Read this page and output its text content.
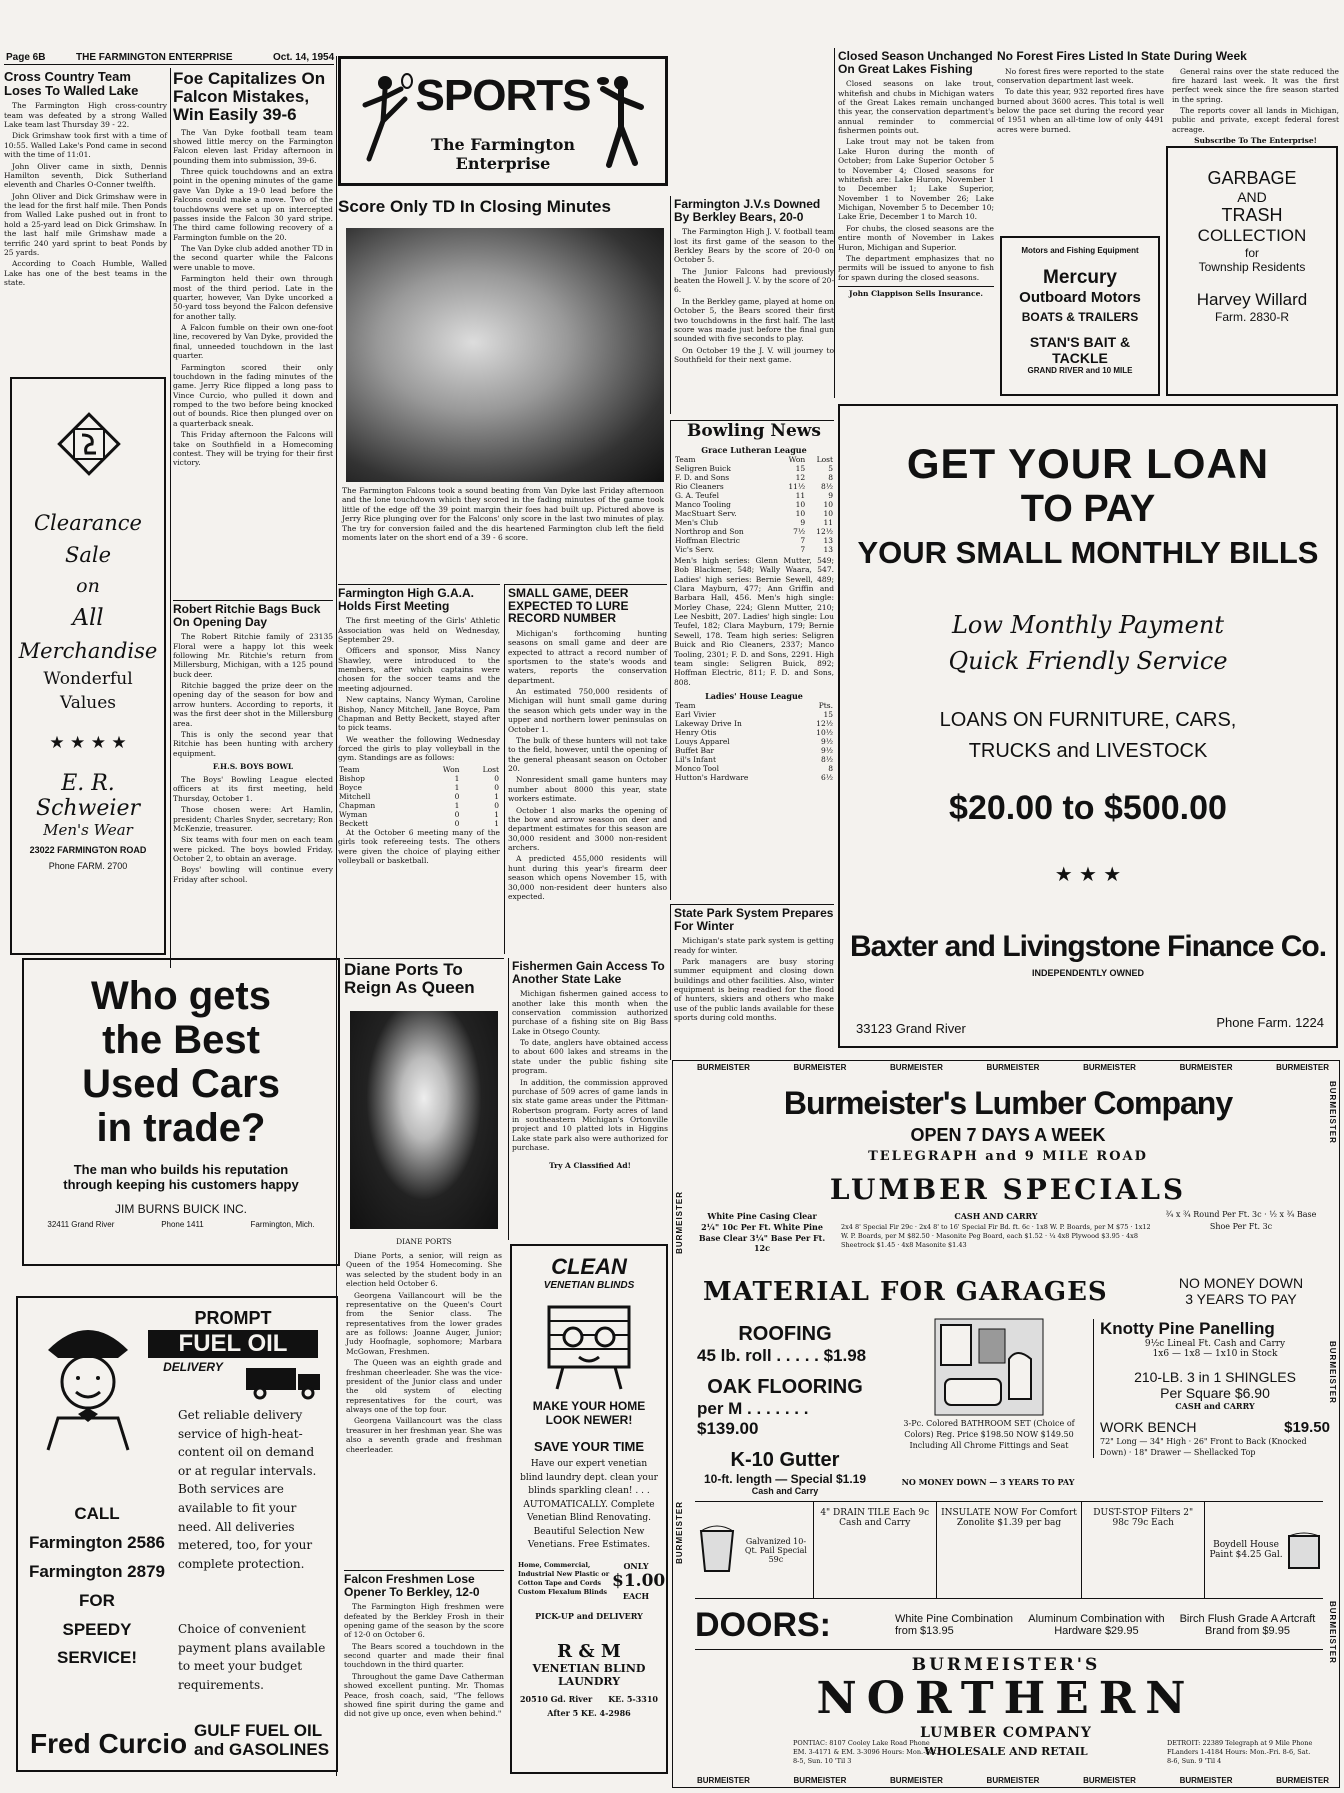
Page 6B	THE FARMINGTON ENTERPRISE	Oct. 14, 1954
SPORTS
The Farmington Enterprise
Cross Country Team Loses To Walled Lake

The Farmington High cross-country team was defeated by a strong Walled Lake team last Thursday 39 - 22.

Dick Grimshaw took first with a time of 10:55. Walled Lake's Pond came in second with the time of 11:01.

John Oliver came in sixth, Dennis Hamilton seventh, Dick Sutherland eleventh and Charles O-Conner twelfth.

John Oliver and Dick Grimshaw were in the lead for the first half mile. Then Ponds from Walled Lake pushed out in front to hold a 25-yard lead on Dick Grimshaw. In the last half mile Grimshaw made a terrific 240 yard sprint to beat Ponds by 25 yards.

According to Coach Humble, Walled Lake has one of the best teams in the state.

Foe Capitalizes On Falcon Mistakes, Win Easily 39-6

The Van Dyke football team team showed little mercy on the Farmington Falcon eleven last Friday afternoon in pounding them into submission, 39-6.

Three quick touchdowns and an extra point in the opening minutes of the game gave Van Dyke a 19-0 lead before the Falcons could make a move. Two of the touchdowns were set up on intercepted passes inside the Falcon 30 yard stripe. The third came following recovery of a Farmington fumble on the 20.

The Van Dyke club added another TD in the second quarter while the Falcons were unable to move.

Farmington held their own through most of the third period. Late in the quarter, however, Van Dyke uncorked a 50-yard toss beyond the Falcon defensive for another tally.

A Falcon fumble on their own one-foot line, recovered by Van Dyke, provided the final, unneeded touchdown in the last quarter.

Farmington scored their only touchdown in the fading minutes of the game. Jerry Rice flipped a long pass to Vince Curcio, who pulled it down and romped to the two before being knocked out of bounds. Rice then plunged over on a quarterback sneak.

This Friday afternoon the Falcons will take on Southfield in a Homecoming contest. They will be trying for their first victory.

Clearance
Sale
on
All
Merchandise
Wonderful
Values
★ ★ ★ ★
E. R. Schweier
Men's Wear
23022 FARMINGTON ROAD
Phone FARM. 2700
Robert Ritchie Bags Buck On Opening Day

The Robert Ritchie family of 23135 Floral were a happy lot this week following Mr. Ritchie's return from Millersburg, Michigan, with a 125 pound buck deer.

Ritchie bagged the prize deer on the opening day of the season for bow and arrow hunters. According to reports, it was the first deer shot in the Millersburg area.

This is only the second year that Ritchie has been hunting with archery equipment.

F.H.S. BOYS BOWL

The Boys' Bowling League elected officers at its first meeting, held Thursday, October 1.

Those chosen were: Art Hamlin, president; Charles Snyder, secretary; Ron McKenzie, treasurer.

Six teams with four men on each team were picked. The boys bowled Friday, October 2, to obtain an average.

Boys' bowling will continue every Friday after school.

Score Only TD In Closing Minutes
The Farmington Falcons took a sound beating from Van Dyke last Friday afternoon and the lone touchdown which they scored in the fading minutes of the game took little of the edge off the 39 point margin their foes had built up. Pictured above is Jerry Rice plunging over for the Falcons' only score in the last two minutes of play. The try for conversion failed and the dis heartened Farmington club left the field moments later on the short end of a 39 - 6 score.
Farmington High G.A.A. Holds First Meeting

The first meeting of the Girls' Athletic Association was held on Wednesday, September 29.

Officers and sponsor, Miss Nancy Shawley, were introduced to the members, after which captains were chosen for the soccer teams and the meeting adjourned.

New captains, Nancy Wyman, Caroline Bishop, Nancy Mitchell, Jane Boyce, Pam Chapman and Betty Beckett, stayed after to pick teams.

We weather the following Wednesday forced the girls to play volleyball in the gym. Standings are as follows:

Team	Won	Lost
Bishop	1	0
Boyce	1	0
Mitchell	0	1
Chapman	1	0
Wyman	0	1
Beckett	0	1

At the October 6 meeting many of the girls took refereeing tests. The others were given the choice of playing either volleyball or basketball.

SMALL GAME, DEER EXPECTED TO LURE RECORD NUMBER

Michigan's forthcoming hunting seasons on small game and deer are expected to attract a record number of sportsmen to the state's woods and waters, reports the conservation department.

An estimated 750,000 residents of Michigan will hunt small game during the season which gets under way in the upper and northern lower peninsulas on October 1.

The bulk of these hunters will not take to the field, however, until the opening of the general pheasant season on October 20.

Nonresident small game hunters may number about 8000 this year, state workers estimate.

October 1 also marks the opening of the bow and arrow season on deer and department estimates for this season are 30,000 resident and 3000 non-resident archers.

A predicted 455,000 residents will hunt during this year's firearm deer season which opens November 15, with 30,000 non-resident deer hunters also expected.

Farmington J.V.s Downed By Berkley Bears, 20-0

The Farmington High J. V. football team lost its first game of the season to the Berkley Bears by the score of 20-0 on October 5.

The Junior Falcons had previously beaten the Howell J. V. by the score of 20-6.

In the Berkley game, played at home on October 5, the Bears scored their first two touchdowns in the first half. The last score was made just before the final gun sounded with five seconds to play.

On October 19 the J. V. will journey to Southfield for their next game.

Bowling News
Grace Lutheran League
Team	Won	Lost
Seligren Buick	15	5
F. D. and Sons	12	8
Rio Cleaners	11½	8½
G. A. Teufel	11	9
Manco Tooling	10	10
MacStuart Serv.	10	10
Men's Club	9	11
Northrop and Son	7½	12½
Hoffman Electric	7	13
Vic's Serv.	7	13
Men's high series: Glenn Mutter, 549; Bob Blackmer, 548; Wally Waara, 547. Ladies' high series: Bernie Sewell, 489; Clara Mayburn, 477; Ann Griffin and Barbara Hall, 456. Men's high single: Morley Chase, 224; Glenn Mutter, 210; Lee Nesbitt, 207. Ladies' high single: Lou Teufel, 182; Clara Mayburn, 179; Bernie Sewell, 178. Team high series: Seligren Buick and Rio Cleaners, 2337; Manco Tooling, 2301; F. D. and Sons, 2291. High team single: Seligren Buick, 892; Hoffman Electric, 811; F. D. and Sons, 808.
Ladies' House League
Team	Pts.
Earl Vivier	15
Lakeway Drive In	12½
Henry Otis	10½
Louys Apparel	9½
Buffet Bar	9½
Lil's Infant	8½
Monco Tool	8
Hutton's Hardware	6½
State Park System Prepares For Winter

Michigan's state park system is getting ready for winter.

Park managers are busy storing summer equipment and closing down buildings and other facilities. Also, winter equipment is being readied for the flood of hunters, skiers and others who make use of the public lands available for these sports during cold months.

Closed Season Unchanged On Great Lakes Fishing

Closed seasons on lake trout, whitefish and chubs in Michigan waters of the Great Lakes remain unchanged this year, the conservation department's annual reminder to commercial fishermen points out.

Lake trout may not be taken from Lake Huron during the month of October; from Lake Superior October 5 to November 4; Closed seasons for whitefish are: Lake Huron, November 1 to December 1; Lake Superior, November 1 to November 26; Lake Michigan, November 5 to December 10; Lake Erie, December 1 to March 10.

For chubs, the closed seasons are the entire month of November in Lakes Huron, Michigan and Superior.

The department emphasizes that no permits will be issued to anyone to fish for spawn during the closed seasons.

John Clappison Sells Insurance.
No Forest Fires Listed In State During Week

No forest fires were reported to the state conservation department last week.

To date this year, 932 reported fires have burned about 3600 acres. This total is well below the pace set during the record year of 1951 when an all-time low of only 4491 acres were burned.

General rains over the state reduced the fire hazard last week. It was the first perfect week since the fire season started in the spring.

The reports cover all lands in Michigan, public and private, except federal forest acreage.

Subscribe To The Enterprise!
Motors and Fishing Equipment
Mercury
Outboard Motors
BOATS & TRAILERS
STAN'S BAIT & TACKLE
GRAND RIVER and 10 MILE
GARBAGE
AND
TRASH
COLLECTION
for
Township Residents
Harvey Willard
Farm. 2830-R
GET YOUR LOAN
TO PAY
YOUR SMALL MONTHLY BILLS
Low Monthly Payment
Quick Friendly Service
LOANS ON FURNITURE, CARS,
TRUCKS and LIVESTOCK
$20.00 to $500.00
★ ★ ★
Baxter and Livingstone Finance Co.
INDEPENDENTLY OWNED
33123 Grand River	Phone Farm. 1224
Who gets
the Best
Used Cars
in trade?
The man who builds his reputation
through keeping his customers happy
JIM BURNS BUICK INC.
32411 Grand River	Phone 1411	Farmington, Mich.
PROMPT
FUEL OIL
DELIVERY
Get reliable delivery service of high-heat-content oil on demand or at regular intervals. Both services are available to fit your need. All deliveries metered, too, for your complete protection.
Choice of convenient payment plans available to meet your budget requirements.
CALL
Farmington 2586
Farmington 2879
FOR
SPEEDY
SERVICE!
Fred Curcio GULF FUEL OIL
and GASOLINES
Diane Ports To Reign As Queen
DIANE PORTS

Diane Ports, a senior, will reign as Queen of the 1954 Homecoming. She was selected by the student body in an election held October 6.

Georgena Vaillancourt will be the representative on the Queen's Court from the Senior class. The representatives from the lower grades are as follows: Joanne Auger, Junior; Judy Hoofnagle, sophomore; Marbara McGowan, Freshmen.

The Queen was an eighth grade and freshman cheerleader. She was the vice-president of the Junior class and under the old system of electing representatives for the court, was always one of the top four.

Georgena Vaillancourt was the class treasurer in her freshman year. She was also a seventh grade and freshman cheerleader.

Falcon Freshmen Lose Opener To Berkley, 12-0

The Farmington High freshmen were defeated by the Berkley Frosh in their opening game of the season by the score of 12-0 on October 6.

The Bears scored a touchdown in the second quarter and made their final touchdown in the third quarter.

Throughout the game Dave Catherman showed excellent punting. Mr. Thomas Peace, frosh coach, said, "The fellows showed fine spirit during the game and did not give up once, even when behind."

Fishermen Gain Access To Another State Lake

Michigan fishermen gained access to another lake this month when the conservation commission authorized purchase of a fishing site on Big Bass Lake in Otsego County.

To date, anglers have obtained access to about 600 lakes and streams in the state under the public fishing site program.

In addition, the commission approved purchase of 509 acres of game lands in six state game areas under the Pittman-Robertson program. Forty acres of land in southeastern Michigan's Ortonville project and 10 platted lots in Higgins Lake state park also were authorized for purchase.

Try A Classified Ad!
CLEAN
VENETIAN BLINDS
MAKE YOUR HOME
LOOK NEWER!
SAVE YOUR TIME
Have our expert venetian blind laundry dept. clean your blinds sparkling clean! . . . AUTOMATICALLY. Complete Venetian Blind Renovating. Beautiful Selection New Venetians. Free Estimates.
Home, Commercial, Industrial New Plastic or Cotton Tape and Cords Custom Flexalum Blinds
ONLY
$1.00
EACH
PICK-UP and DELIVERY
R & M
VENETIAN BLIND
LAUNDRY
20510 Gd. River KE. 5-3310
After 5 KE. 4-2986
BURMEISTER	BURMEISTER	BURMEISTER	BURMEISTER	BURMEISTER	BURMEISTER	BURMEISTER
BURMEISTER	BURMEISTER	BURMEISTER	BURMEISTER	BURMEISTER	BURMEISTER	BURMEISTER
BURMEISTER
BURMEISTER
BURMEISTER
BURMEISTER
BURMEISTER
Burmeister's Lumber Company
OPEN 7 DAYS A WEEK
TELEGRAPH and 9 MILE ROAD
LUMBER SPECIALS
White Pine Casing Clear 2¼" 10c Per Ft. White Pine Base Clear 3¼" Base Per Ft. 12c
CASH AND CARRY
2x4 8' Special Fir 29c · 2x4 8' to 16' Special Fir Bd. ft. 6c · 1x8 W. P. Boards, per M $75 · 1x12 W. P. Boards, per M $82.50 · Masonite Peg Board, each $1.52 · ¼ 4x8 Plywood $3.95 · 4x8 Sheetrock $1.45 · 4x8 Masonite $1.43
¾ x ¾ Round Per Ft. 3c · ½ x ¾ Base Shoe Per Ft. 3c
MATERIAL FOR GARAGES	NO MONEY DOWN
3 YEARS TO PAY
ROOFING
45 lb. roll . . . . . $1.98
OAK FLOORING
per M . . . . . . . $139.00
K-10 Gutter
10-ft. length — Special $1.19
Cash and Carry
3-Pc. Colored BATHROOM SET (Choice of Colors) Reg. Price $198.50 NOW $149.50 Including All Chrome Fittings and Seat
NO MONEY DOWN — 3 YEARS TO PAY
Knotty Pine Panelling
9½c Lineal Ft. Cash and Carry
1x6 — 1x8 — 1x10 in Stock
210-LB. 3 in 1 SHINGLES
Per Square $6.90
CASH and CARRY
WORK BENCH	$19.50
72" Long — 34" High · 26" Front to Back (Knocked Down) · 18" Drawer — Shellacked Top
Galvanized 10-Qt. Pail Special 59c
4" DRAIN TILE Each 9c Cash and Carry
INSULATE NOW For Comfort Zonolite $1.39 per bag
DUST-STOP Filters 2" 98c 79c Each
Boydell House Paint $4.25 Gal.
DOORS:	White Pine Combination from $13.95
Aluminum Combination with Hardware $29.95
Birch Flush Grade A Artcraft Brand from $9.95
BURMEISTER'S
NORTHERN
LUMBER COMPANY
WHOLESALE AND RETAIL
PONTIAC: 8107 Cooley Lake Road Phone EM. 3-4171 & EM. 3-3096 Hours: Mon.-Sat. 8-5, Sun. 10 'Til 3
DETROIT: 22389 Telegraph at 9 Mile Phone FLanders 1-4184 Hours: Mon.-Fri. 8-6, Sat. 8-6, Sun. 9 'Til 4
